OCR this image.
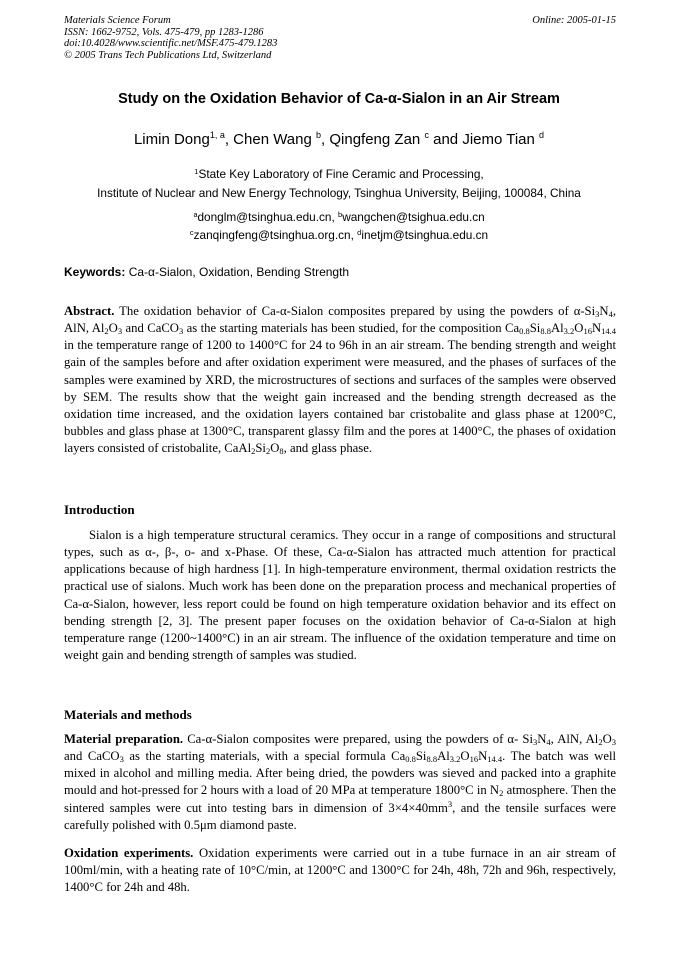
Materials Science Forum
ISSN: 1662-9752, Vols. 475-479, pp 1283-1286
doi:10.4028/www.scientific.net/MSF.475-479.1283
© 2005 Trans Tech Publications Ltd, Switzerland
Online: 2005-01-15
Study on the Oxidation Behavior of Ca-α-Sialon in an Air Stream
Limin Dong$^{1, a}$, Chen Wang $^b$, Qingfeng Zan $^c$ and Jiemo Tian $^d$
$^1$State Key Laboratory of Fine Ceramic and Processing,
Institute of Nuclear and New Energy Technology, Tsinghua University, Beijing, 100084, China
$^a$donglm@tsinghua.edu.cn, $^b$wangchen@tsighua.edu.cn
$^c$zanqingfeng@tsinghua.org.cn, $^d$inetjm@tsinghua.edu.cn
Keywords: Ca-α-Sialon, Oxidation, Bending Strength
Abstract. The oxidation behavior of Ca-α-Sialon composites prepared by using the powders of $\alpha-Si_3N_4$, AlN, $Al_2O_3$ and CaCO$_3$ as the starting materials has been studied, for the composition $Ca_{0.8}Si_{8.8}Al_{3.2}O_{16}N_{14.4}$ in the temperature range of 1200 to 1400°C for 24 to 96h in an air stream. The bending strength and weight gain of the samples before and after oxidation experiment were measured, and the phases of surfaces of the samples were examined by XRD, the microstructures of sections and surfaces of the samples were observed by SEM. The results show that the weight gain increased and the bending strength decreased as the oxidation time increased, and the oxidation layers contained bar cristobalite and glass phase at 1200°C, bubbles and glass phase at 1300°C, transparent glassy film and the pores at 1400°C, the phases of oxidation layers consisted of cristobalite, $CaAl_2Si_2O_8$, and glass phase.
Introduction
Sialon is a high temperature structural ceramics. They occur in a range of compositions and structural types, such as α-, β-, o- and x-Phase. Of these, Ca-α-Sialon has attracted much attention for practical applications because of high hardness [1]. In high-temperature environment, thermal oxidation restricts the practical use of sialons. Much work has been done on the preparation process and mechanical properties of Ca-α-Sialon, however, less report could be found on high temperature oxidation behavior and its effect on bending strength [2, 3]. The present paper focuses on the oxidation behavior of Ca-α-Sialon at high temperature range (1200~1400°C) in an air stream. The influence of the oxidation temperature and time on weight gain and bending strength of samples was studied.
Materials and methods
Material preparation. Ca-α-Sialon composites were prepared, using the powders of α- $Si_3N_4$, AlN, $Al_2O_3$ and CaCO$_3$ as the starting materials, with a special formula $Ca_{0.8}Si_{8.8}Al_{3.2}O_{16}N_{14.4}$. The batch was well mixed in alcohol and milling media. After being dried, the powders was sieved and packed into a graphite mould and hot-pressed for 2 hours with a load of 20 MPa at temperature 1800°C in $N_2$ atmosphere. Then the sintered samples were cut into testing bars in dimension of $3\times 4\times 40mm^3$, and the tensile surfaces were carefully polished with 0.5μm diamond paste.
Oxidation experiments. Oxidation experiments were carried out in a tube furnace in an air stream of 100ml/min, with a heating rate of 10°C/min, at 1200°C and 1300°C for 24h, 48h, 72h and 96h, respectively, 1400°C for 24h and 48h.
